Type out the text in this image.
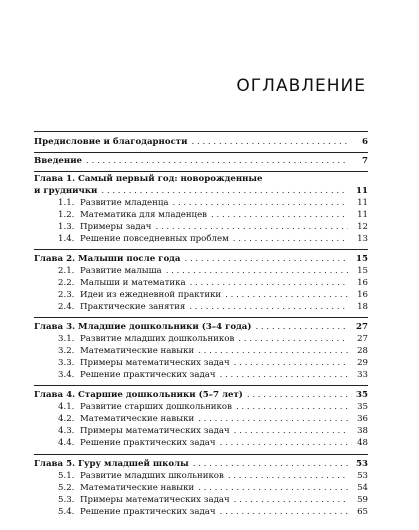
ОГЛАВЛЕНИЕ
Предисловие и благодарности . . .	6
Введение . . .	7
Глава 1. Самый первый год: новорожденные
и груднички . . .	11
1.1. Развитие младенца . . .	11
1.2. Математика для младенцев . . .	11
1.3. Примеры задач . . .	12
1.4. Решение повседневных проблем . . .	13
Глава 2. Малыши после года . . .	15
2.1. Развитие малыша . . .	15
2.2. Малыши и математика . . .	16
2.3. Идеи из ежедневной практики . . .	16
2.4. Практические занятия . . .	18
Глава 3. Младшие дошкольники (3–4 года) . . .	27
3.1. Развитие младших дошкольников . . .	27
3.2. Математические навыки . . .	28
3.3. Примеры математических задач . . .	29
3.4. Решение практических задач . . .	33
Глава 4. Старшие дошкольники (5–7 лет) . . .	35
4.1. Развитие старших дошкольников . . .	35
4.2. Математические навыки . . .	36
4.3. Примеры математических задач . . .	38
4.4. Решение практических задач . . .	48
Глава 5. Гуру младшей школы . . .	53
5.1. Развитие младших школьников . . .	53
5.2. Математические навыки . . .	54
5.3. Примеры математических задач . . .	59
5.4. Решение практических задач . . .	65
